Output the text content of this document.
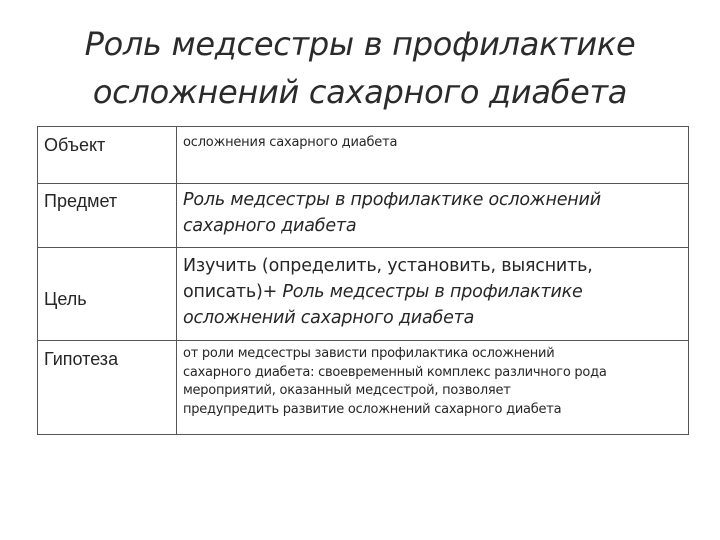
Роль медсестры в профилактике
осложнений сахарного диабета
Объект	осложнения сахарного диабета

Предмет	Роль медсестры в профилактике осложнений
сахарного диабета

Цель	Изучить (определить, установить, выяснить,
описать)+ Роль медсестры в профилактике
осложнений сахарного диабета

Гипотеза	от роли медсестры зависти профилактика осложнений
сахарного диабета: своевременный комплекс различного рода
мероприятий, оказанный медсестрой, позволяет
предупредить развитие осложнений сахарного диабета
